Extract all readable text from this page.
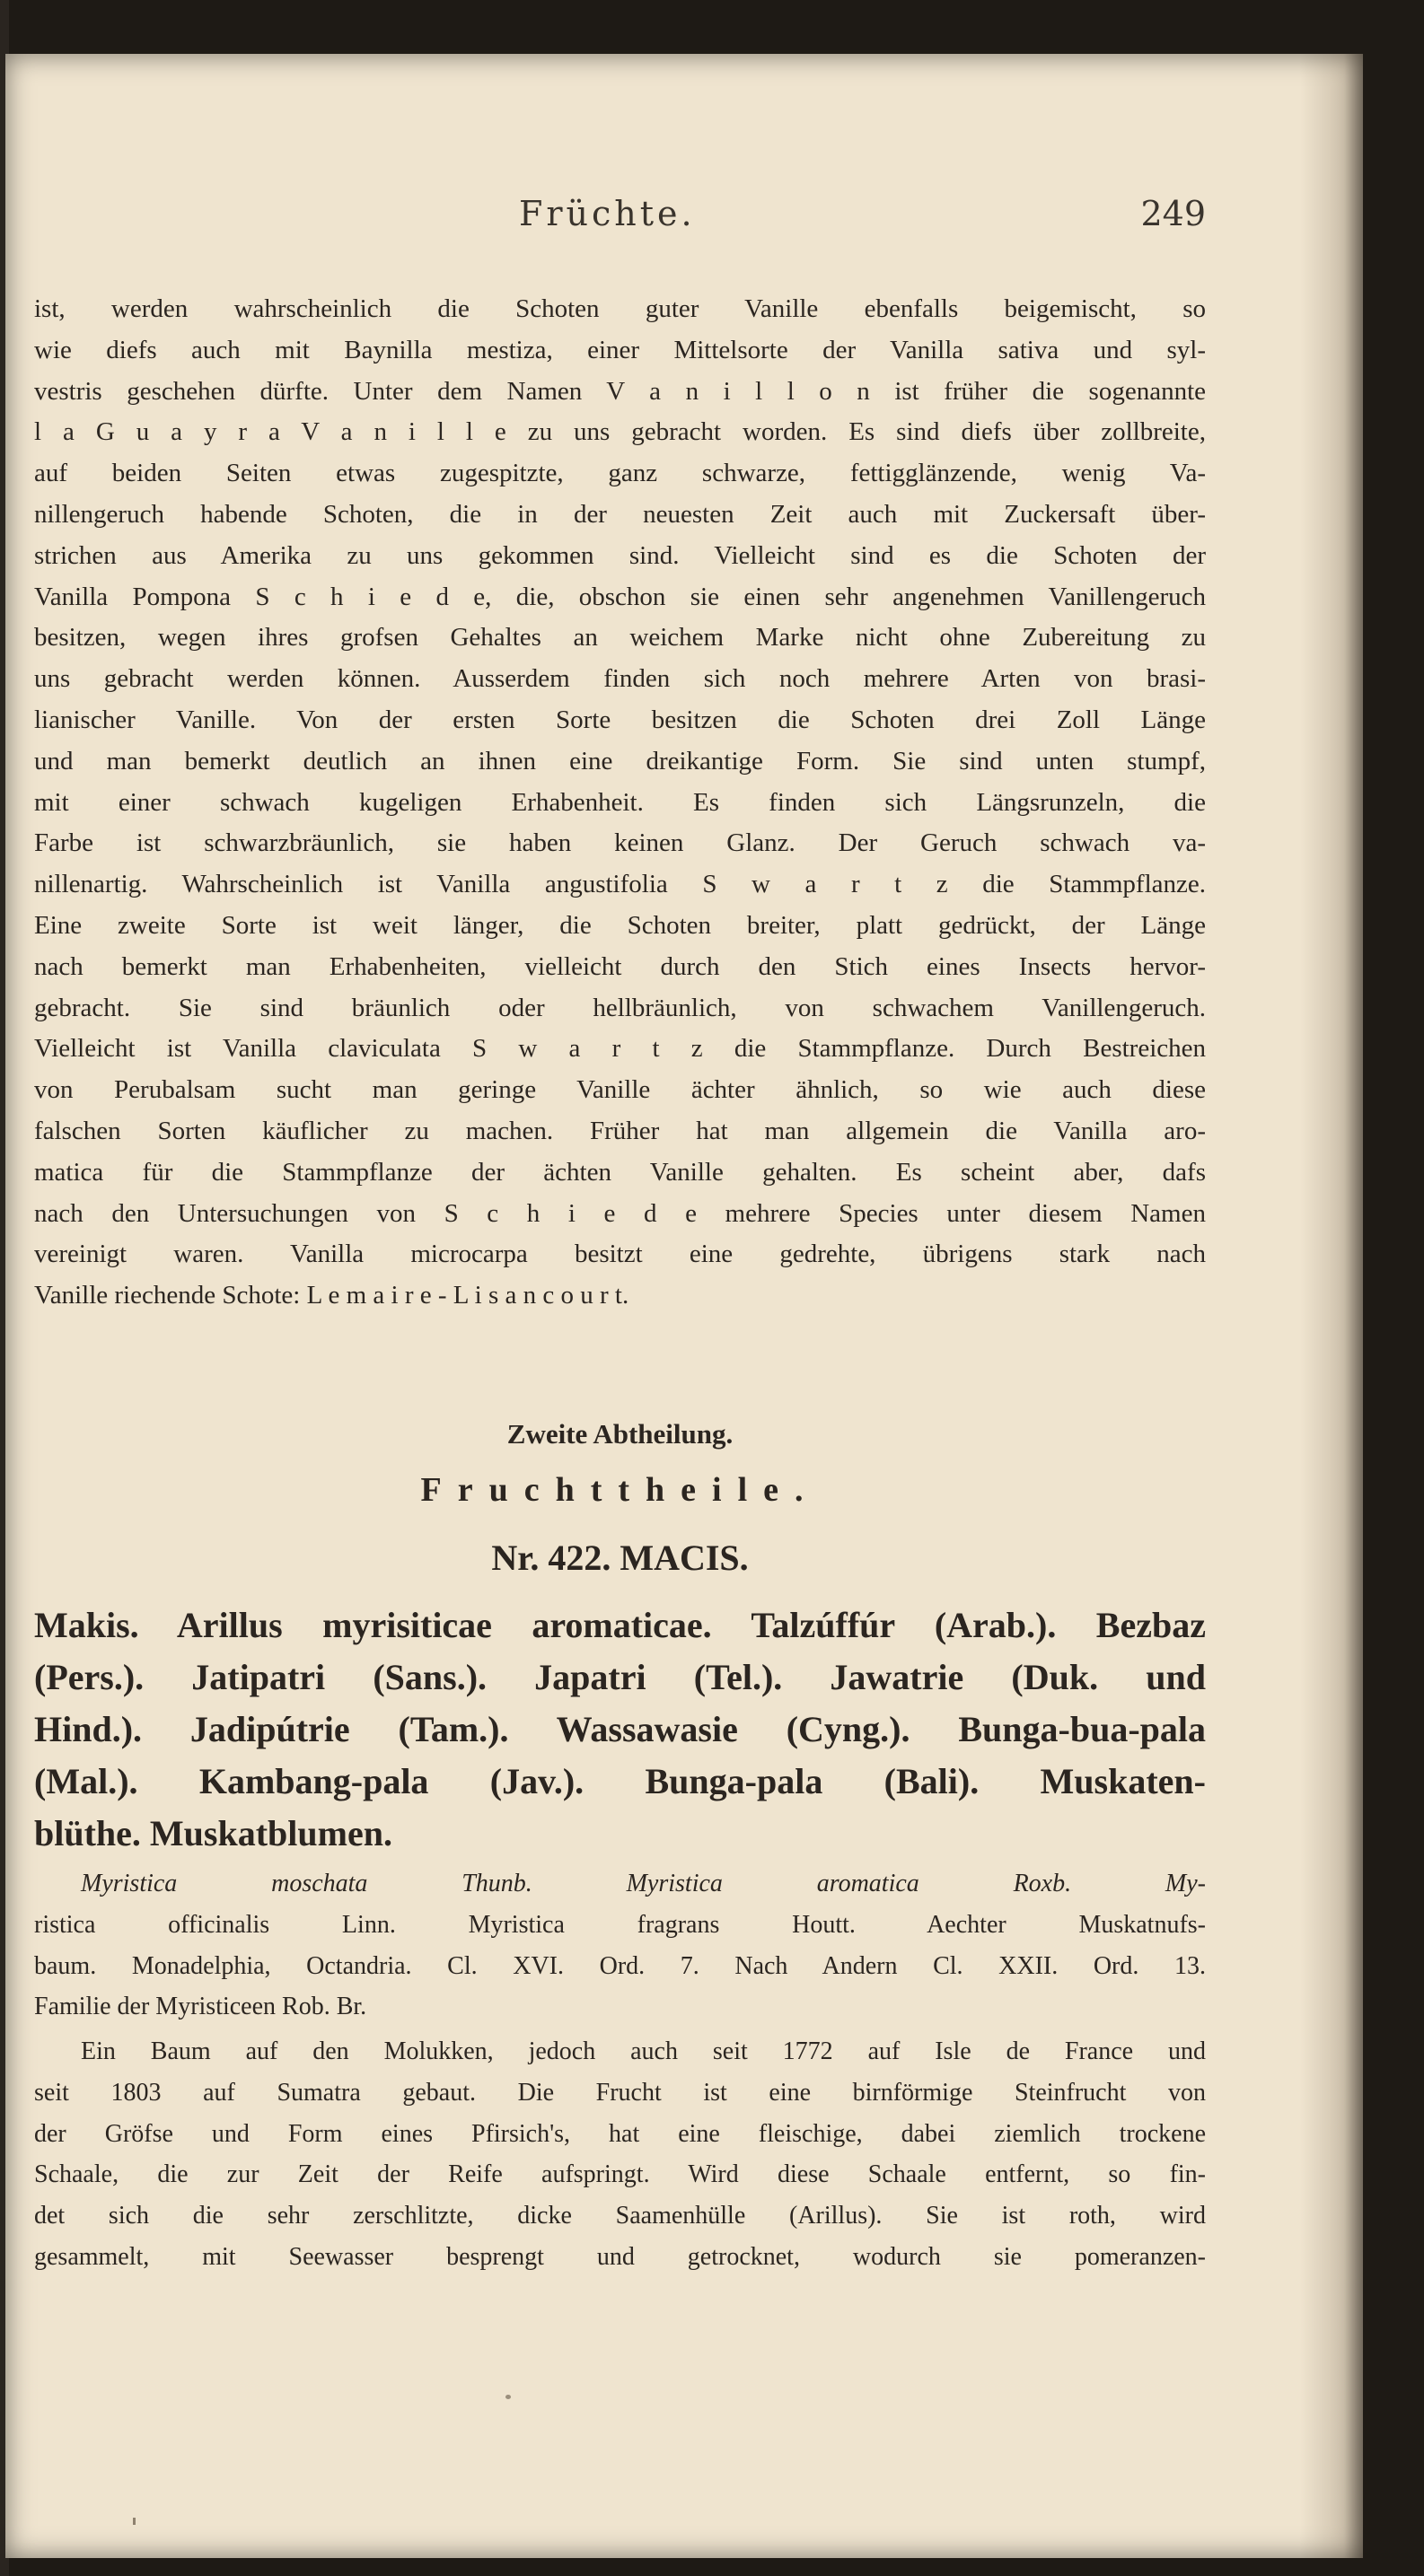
Früchte.	249
ist, werden wahrscheinlich die Schoten guter Vanille ebenfalls beigemischt, so
wie diefs auch mit Baynilla mestiza, einer Mittelsorte der Vanilla sativa und syl-
vestris geschehen dürfte. Unter dem Namen V a n i l l o n ist früher die sogenannte
l a G u a y r a V a n i l l e zu uns gebracht worden. Es sind diefs über zollbreite,
auf beiden Seiten etwas zugespitzte, ganz schwarze, fettigglänzende, wenig Va-
nillengeruch habende Schoten, die in der neuesten Zeit auch mit Zuckersaft über-
strichen aus Amerika zu uns gekommen sind. Vielleicht sind es die Schoten der
Vanilla Pompona S c h i e d e, die, obschon sie einen sehr angenehmen Vanillengeruch
besitzen, wegen ihres grofsen Gehaltes an weichem Marke nicht ohne Zubereitung zu
uns gebracht werden können. Ausserdem finden sich noch mehrere Arten von brasi-
lianischer Vanille. Von der ersten Sorte besitzen die Schoten drei Zoll Länge
und man bemerkt deutlich an ihnen eine dreikantige Form. Sie sind unten stumpf,
mit einer schwach kugeligen Erhabenheit. Es finden sich Längsrunzeln, die
Farbe ist schwarzbräunlich, sie haben keinen Glanz. Der Geruch schwach va-
nillenartig. Wahrscheinlich ist Vanilla angustifolia S w a r t z die Stammpflanze.
Eine zweite Sorte ist weit länger, die Schoten breiter, platt gedrückt, der Länge
nach bemerkt man Erhabenheiten, vielleicht durch den Stich eines Insects hervor-
gebracht. Sie sind bräunlich oder hellbräunlich, von schwachem Vanillengeruch.
Vielleicht ist Vanilla claviculata S w a r t z die Stammpflanze. Durch Bestreichen
von Perubalsam sucht man geringe Vanille ächter ähnlich, so wie auch diese
falschen Sorten käuflicher zu machen. Früher hat man allgemein die Vanilla aro-
matica für die Stammpflanze der ächten Vanille gehalten. Es scheint aber, dafs
nach den Untersuchungen von S c h i e d e mehrere Species unter diesem Namen
vereinigt waren. Vanilla microcarpa besitzt eine gedrehte, übrigens stark nach
Vanille riechende Schote: L e m a i r e - L i s a n c o u r t.
Zweite Abtheilung.
Fruchttheile.
Nr. 422. MACIS.
Makis. Arillus myrisiticae aromaticae. Talzúffúr (Arab.). Bezbaz
(Pers.). Jatipatri (Sans.). Japatri (Tel.). Jawatrie (Duk. und
Hind.). Jadipútrie (Tam.). Wassawasie (Cyng.). Bunga-bua-pala
(Mal.). Kambang-pala (Jav.). Bunga-pala (Bali). Muskaten-
blüthe. Muskatblumen.
Myristica moschata Thunb. Myristica aromatica Roxb. My-
ristica officinalis Linn. Myristica fragrans Houtt. Aechter Muskatnufs-
baum. Monadelphia, Octandria. Cl. XVI. Ord. 7. Nach Andern Cl. XXII. Ord. 13.
Familie der Myristiceen Rob. Br.
Ein Baum auf den Molukken, jedoch auch seit 1772 auf Isle de France und
seit 1803 auf Sumatra gebaut. Die Frucht ist eine birnförmige Steinfrucht von
der Gröfse und Form eines Pfirsich's, hat eine fleischige, dabei ziemlich trockene
Schaale, die zur Zeit der Reife aufspringt. Wird diese Schaale entfernt, so fin-
det sich die sehr zerschlitzte, dicke Saamenhülle (Arillus). Sie ist roth, wird
gesammelt, mit Seewasser besprengt und getrocknet, wodurch sie pomeranzen-
